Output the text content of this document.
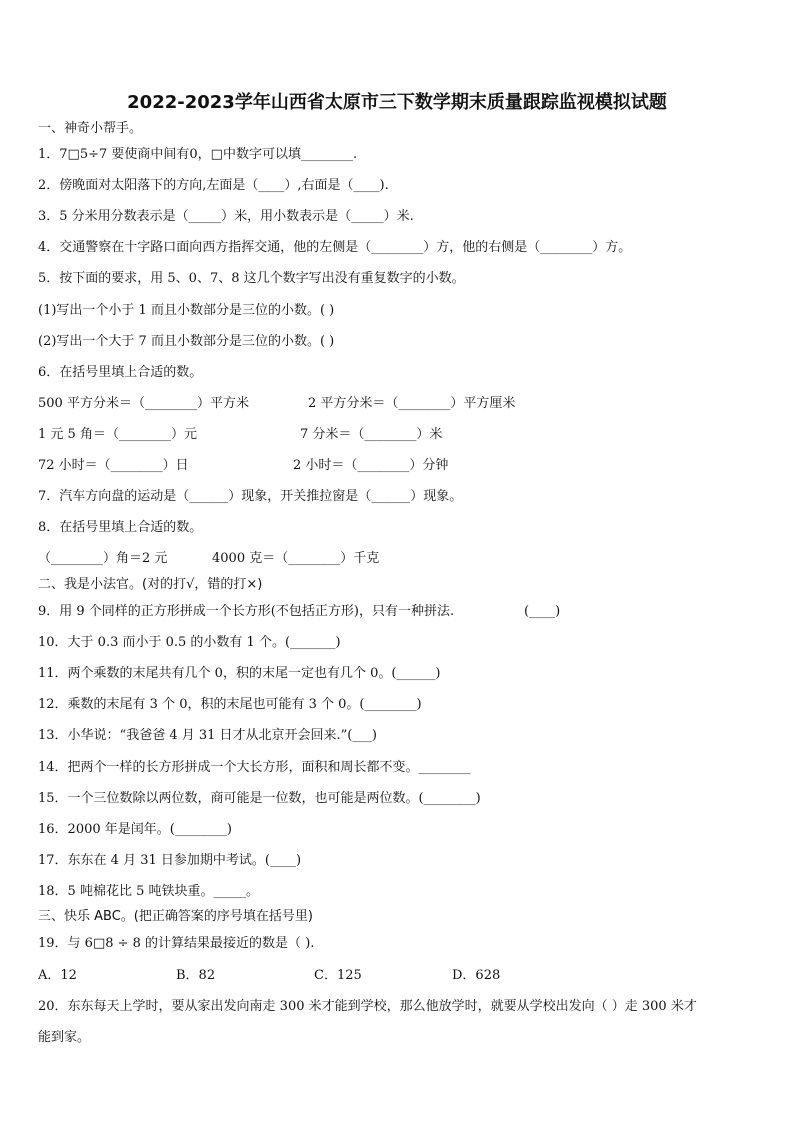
2022-2023学年山西省太原市三下数学期末质量跟踪监视模拟试题
一、神奇小帮手。
1．7□5÷7 要使商中间有0，□中数字可以填________.
2．傍晚面对太阳落下的方向,左面是（____）,右面是（____).
3．5 分米用分数表示是（_____）米，用小数表示是（_____）米.
4．交通警察在十字路口面向西方指挥交通，他的左侧是（________）方，他的右侧是（________）方。
5．按下面的要求，用 5、0、7、8 这几个数字写出没有重复数字的小数。
(1)写出一个小于 1 而且小数部分是三位的小数。( )
(2)写出一个大于 7 而且小数部分是三位的小数。( )
6．在括号里填上合适的数。
500 平方分米＝（________）平方米	2 平方分米＝（________）平方厘米
1 元 5 角＝（________）元	7 分米＝（________）米
72 小时＝（________）日	2 小时＝（________）分钟
7．汽车方向盘的运动是（______）现象，开关推拉窗是（______）现象。
8．在括号里填上合适的数。
（________）角＝2 元	4000 克＝（________）千克
二、我是小法官。(对的打√，错的打×)
9．用 9 个同样的正方形拼成一个长方形(不包括正方形)，只有一种拼法.	(____)
10．大于 0.3 而小于 0.5 的小数有 1 个。(_______)
11．两个乘数的末尾共有几个 0，积的末尾一定也有几个 0。(______)
12．乘数的末尾有 3 个 0，积的末尾也可能有 3 个 0。(________)
13．小华说：“我爸爸 4 月 31 日才从北京开会回来.”(___)
14．把两个一样的长方形拼成一个大长方形，面积和周长都不变。________
15．一个三位数除以两位数，商可能是一位数，也可能是两位数。(________)
16．2000 年是闰年。(________)
17．东东在 4 月 31 日参加期中考试。(____)
18．5 吨棉花比 5 吨铁块重。_____。
三、快乐 ABC。(把正确答案的序号填在括号里)
19．与 6□8 ÷ 8 的计算结果最接近的数是（ ).
A．12	B．82	C．125	D．628
20．东东每天上学时，要从家出发向南走 300 米才能到学校，那么他放学时，就要从学校出发向（ ）走 300 米才
能到家。
